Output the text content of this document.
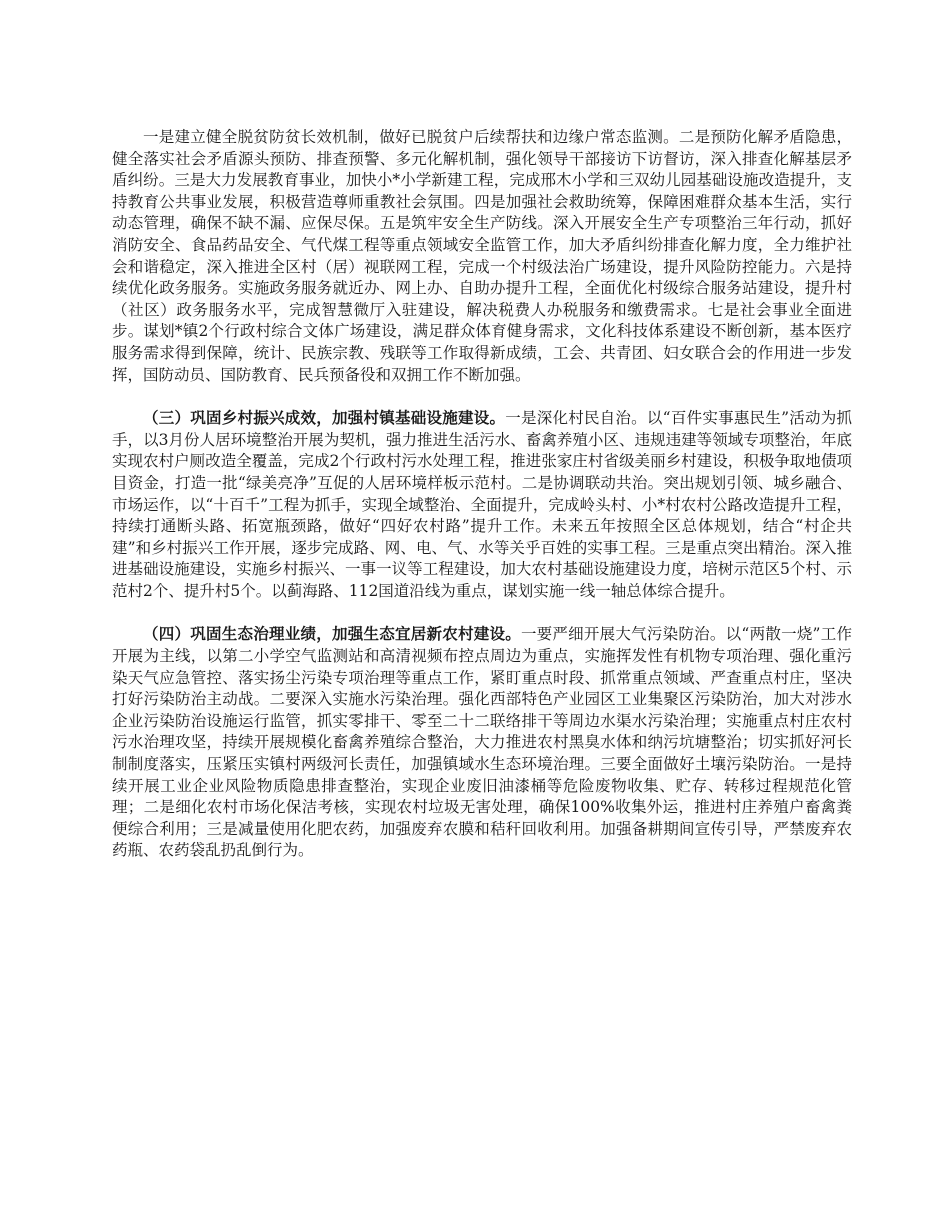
一是建立健全脱贫防贫长效机制，做好已脱贫户后续帮扶和边缘户常态监测。二是预防化解矛盾隐患，健全落实社会矛盾源头预防、排查预警、多元化解机制，强化领导干部接访下访督访，深入排查化解基层矛盾纠纷。三是大力发展教育事业，加快小*小学新建工程，完成邢木小学和三双幼儿园基础设施改造提升，支持教育公共事业发展，积极营造尊师重教社会氛围。四是加强社会救助统筹，保障困难群众基本生活，实行动态管理，确保不缺不漏、应保尽保。五是筑牢安全生产防线。深入开展安全生产专项整治三年行动，抓好消防安全、食品药品安全、气代煤工程等重点领域安全监管工作，加大矛盾纠纷排查化解力度，全力维护社会和谐稳定，深入推进全区村（居）视联网工程，完成一个村级法治广场建设，提升风险防控能力。六是持续优化政务服务。实施政务服务就近办、网上办、自助办提升工程，全面优化村级综合服务站建设，提升村（社区）政务服务水平，完成智慧微厅入驻建设，解决税费人办税服务和缴费需求。七是社会事业全面进步。谋划*镇2个行政村综合文体广场建设，满足群众体育健身需求，文化科技体系建设不断创新，基本医疗服务需求得到保障，统计、民族宗教、残联等工作取得新成绩，工会、共青团、妇女联合会的作用进一步发挥，国防动员、国防教育、民兵预备役和双拥工作不断加强。

（三）巩固乡村振兴成效，加强村镇基础设施建设。一是深化村民自治。以“百件实事惠民生”活动为抓手，以3月份人居环境整治开展为契机，强力推进生活污水、畜禽养殖小区、违规违建等领域专项整治，年底实现农村户厕改造全覆盖，完成2个行政村污水处理工程，推进张家庄村省级美丽乡村建设，积极争取地债项目资金，打造一批“绿美亮净”互促的人居环境样板示范村。二是协调联动共治。突出规划引领、城乡融合、市场运作，以“十百千”工程为抓手，实现全域整治、全面提升，完成岭头村、小*村农村公路改造提升工程，持续打通断头路、拓宽瓶颈路，做好“四好农村路”提升工作。未来五年按照全区总体规划，结合“村企共建”和乡村振兴工作开展，逐步完成路、网、电、气、水等关乎百姓的实事工程。三是重点突出精治。深入推进基础设施建设，实施乡村振兴、一事一议等工程建设，加大农村基础设施建设力度，培树示范区5个村、示范村2个、提升村5个。以蓟海路、112国道沿线为重点，谋划实施一线一轴总体综合提升。

（四）巩固生态治理业绩，加强生态宜居新农村建设。一要严细开展大气污染防治。以“两散一烧”工作开展为主线，以第二小学空气监测站和高清视频布控点周边为重点，实施挥发性有机物专项治理、强化重污染天气应急管控、落实扬尘污染专项治理等重点工作，紧盯重点时段、抓常重点领域、严查重点村庄，坚决打好污染防治主动战。二要深入实施水污染治理。强化西部特色产业园区工业集聚区污染防治，加大对涉水企业污染防治设施运行监管，抓实零排干、零至二十二联络排干等周边水渠水污染治理；实施重点村庄农村污水治理攻坚，持续开展规模化畜禽养殖综合整治，大力推进农村黑臭水体和纳污坑塘整治；切实抓好河长制制度落实，压紧压实镇村两级河长责任，加强镇域水生态环境治理。三要全面做好土壤污染防治。一是持续开展工业企业风险物质隐患排查整治，实现企业废旧油漆桶等危险废物收集、贮存、转移过程规范化管理；二是细化农村市场化保洁考核，实现农村垃圾无害处理，确保100%收集外运，推进村庄养殖户畜禽粪便综合利用；三是减量使用化肥农药，加强废弃农膜和秸秆回收利用。加强备耕期间宣传引导，严禁废弃农药瓶、农药袋乱扔乱倒行为。
